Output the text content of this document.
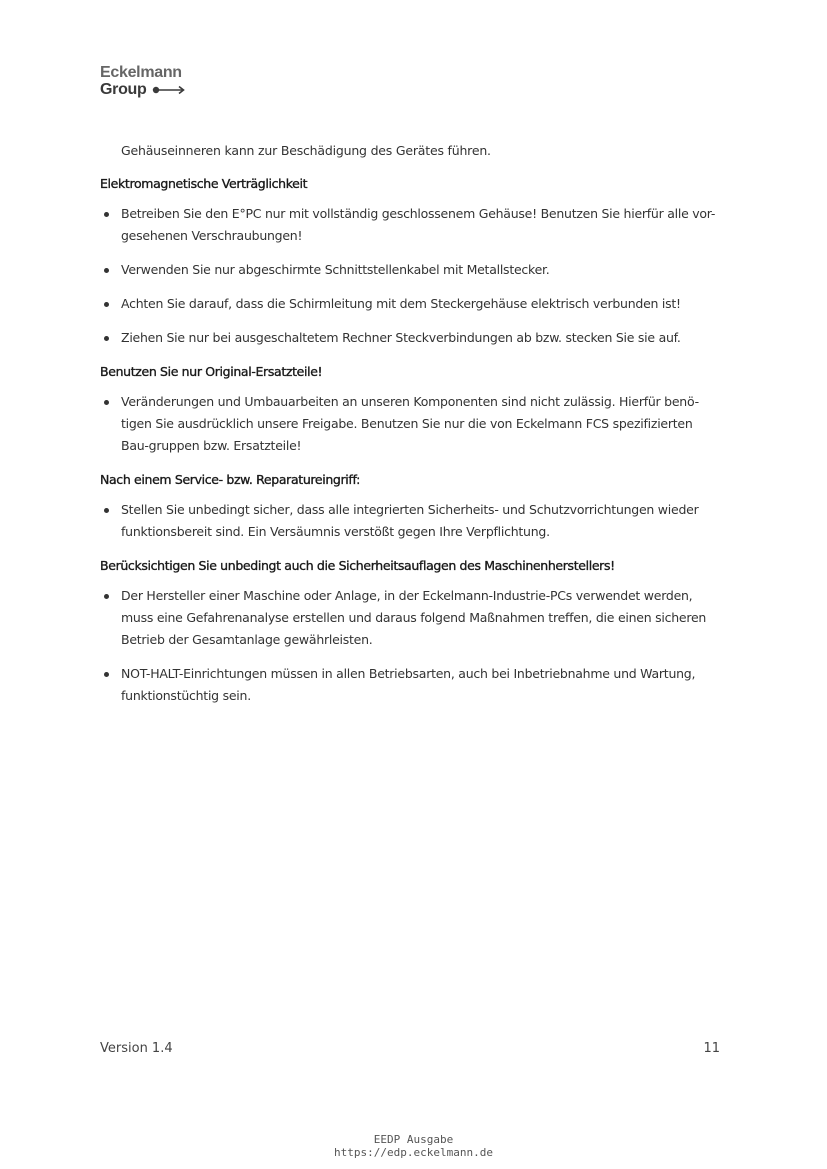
Eckelmann
Group

Gehäuseinneren kann zur Beschädigung des Gerätes führen.

Elektromagnetische Verträglichkeit
Betreiben Sie den E°PC nur mit vollständig geschlossenem Gehäuse! Benutzen Sie hierfür alle vor-gesehenen Verschraubungen!
Verwenden Sie nur abgeschirmte Schnittstellenkabel mit Metallstecker.
Achten Sie darauf, dass die Schirmleitung mit dem Steckergehäuse elektrisch verbunden ist!
Ziehen Sie nur bei ausgeschaltetem Rechner Steckverbindungen ab bzw. stecken Sie sie auf.
Benutzen Sie nur Original-Ersatzteile!
Veränderungen und Umbauarbeiten an unseren Komponenten sind nicht zulässig. Hierfür benö-tigen Sie ausdrücklich unsere Freigabe. Benutzen Sie nur die von Eckelmann FCS spezifizierten Bau-gruppen bzw. Ersatzteile!
Nach einem Service- bzw. Reparatureingriff:
Stellen Sie unbedingt sicher, dass alle integrierten Sicherheits- und Schutzvorrichtungen wieder funktionsbereit sind. Ein Versäumnis verstößt gegen Ihre Verpflichtung.
Berücksichtigen Sie unbedingt auch die Sicherheitsauflagen des Maschinenherstellers!
Der Hersteller einer Maschine oder Anlage, in der Eckelmann-Industrie-PCs verwendet werden, muss eine Gefahrenanalyse erstellen und daraus folgend Maßnahmen treffen, die einen sicheren Betrieb der Gesamtanlage gewährleisten.
NOT-HALT-Einrichtungen müssen in allen Betriebsarten, auch bei Inbetriebnahme und Wartung, funktionstüchtig sein.
Version 1.4	11
EEDP Ausgabe
https://edp.eckelmann.de
